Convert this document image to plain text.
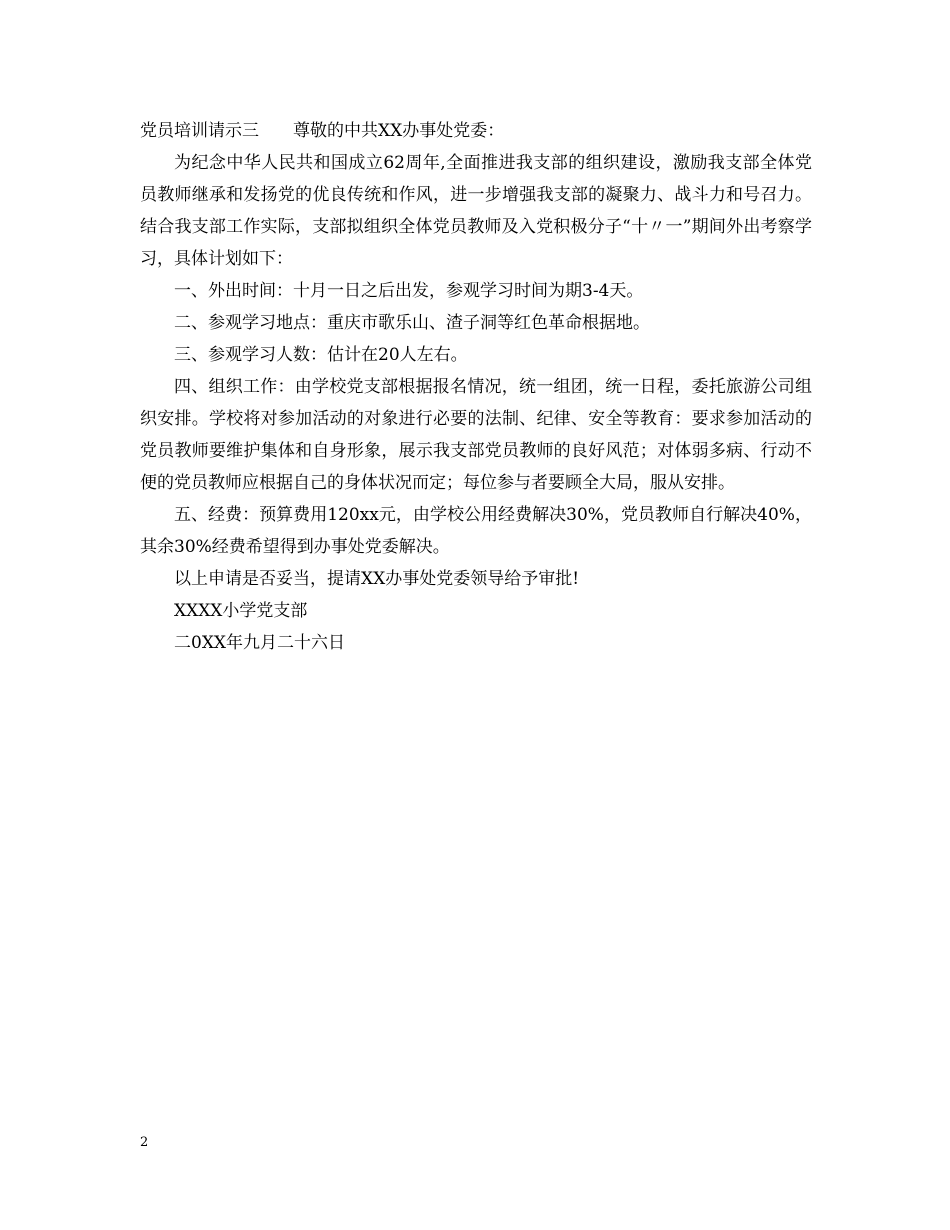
党员培训请示三 尊敬的中共XX办事处党委：

为纪念中华人民共和国成立62周年,全面推进我支部的组织建设，激励我支部全体党员教师继承和发扬党的优良传统和作风，进一步增强我支部的凝聚力、战斗力和号召力。结合我支部工作实际，支部拟组织全体党员教师及入党积极分子“十〃一”期间外出考察学习，具体计划如下：

一、外出时间：十月一日之后出发，参观学习时间为期3-4天。

二、参观学习地点：重庆市歌乐山、渣子洞等红色革命根据地。

三、参观学习人数：估计在20人左右。

四、组织工作：由学校党支部根据报名情况，统一组团，统一日程，委托旅游公司组织安排。学校将对参加活动的对象进行必要的法制、纪律、安全等教育：要求参加活动的党员教师要维护集体和自身形象，展示我支部党员教师的良好风范；对体弱多病、行动不便的党员教师应根据自己的身体状况而定；每位参与者要顾全大局，服从安排。

五、经费：预算费用120xx元，由学校公用经费解决30%，党员教师自行解决40%，其余30%经费希望得到办事处党委解决。

以上申请是否妥当，提请XX办事处党委领导给予审批!

XXXX小学党支部

二0XX年九月二十六日

2
